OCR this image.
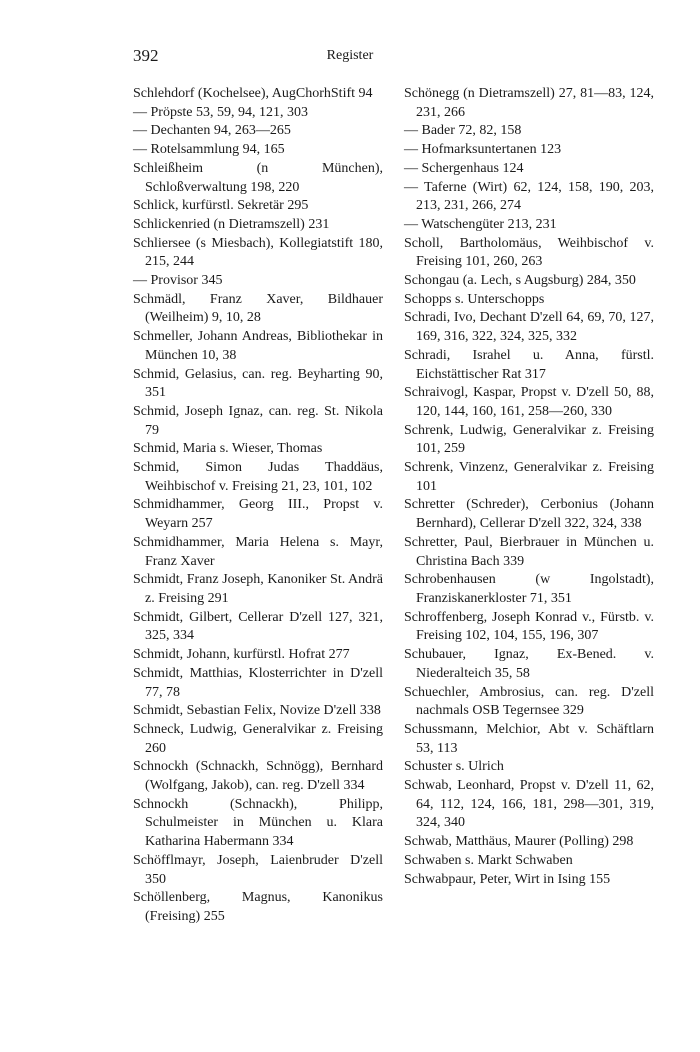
392	Register

Schlehdorf (Kochelsee), AugChorhStift 94

— Pröpste 53, 59, 94, 121, 303

— Dechanten 94, 263—265

— Rotelsammlung 94, 165

Schleißheim (n München), Schloßverwaltung 198, 220

Schlick, kurfürstl. Sekretär 295

Schlickenried (n Dietramszell) 231

Schliersee (s Miesbach), Kollegiatstift 180, 215, 244

— Provisor 345

Schmädl, Franz Xaver, Bildhauer (Weilheim) 9, 10, 28

Schmeller, Johann Andreas, Bibliothekar in München 10, 38

Schmid, Gelasius, can. reg. Beyharting 90, 351

Schmid, Joseph Ignaz, can. reg. St. Nikola 79

Schmid, Maria s. Wieser, Thomas

Schmid, Simon Judas Thaddäus, Weihbischof v. Freising 21, 23, 101, 102

Schmidhammer, Georg III., Propst v. Weyarn 257

Schmidhammer, Maria Helena s. Mayr, Franz Xaver

Schmidt, Franz Joseph, Kanoniker St. Andrä z. Freising 291

Schmidt, Gilbert, Cellerar D'zell 127, 321, 325, 334

Schmidt, Johann, kurfürstl. Hofrat 277

Schmidt, Matthias, Klosterrichter in D'zell 77, 78

Schmidt, Sebastian Felix, Novize D'zell 338

Schneck, Ludwig, Generalvikar z. Freising 260

Schnockh (Schnackh, Schnögg), Bernhard (Wolfgang, Jakob), can. reg. D'zell 334

Schnockh (Schnackh), Philipp, Schulmeister in München u. Klara Katharina Habermann 334

Schöfflmayr, Joseph, Laienbruder D'zell 350

Schöllenberg, Magnus, Kanonikus (Freising) 255

Schönegg (n Dietramszell) 27, 81—83, 124, 231, 266

— Bader 72, 82, 158

— Hofmarksuntertanen 123

— Schergenhaus 124

— Taferne (Wirt) 62, 124, 158, 190, 203, 213, 231, 266, 274

— Watschengüter 213, 231

Scholl, Bartholomäus, Weihbischof v. Freising 101, 260, 263

Schongau (a. Lech, s Augsburg) 284, 350

Schopps s. Unterschopps

Schradi, Ivo, Dechant D'zell 64, 69, 70, 127, 169, 316, 322, 324, 325, 332

Schradi, Israhel u. Anna, fürstl. Eichstättischer Rat 317

Schraivogl, Kaspar, Propst v. D'zell 50, 88, 120, 144, 160, 161, 258—260, 330

Schrenk, Ludwig, Generalvikar z. Freising 101, 259

Schrenk, Vinzenz, Generalvikar z. Freising 101

Schretter (Schreder), Cerbonius (Johann Bernhard), Cellerar D'zell 322, 324, 338

Schretter, Paul, Bierbrauer in München u. Christina Bach 339

Schrobenhausen (w Ingolstadt), Franziskanerkloster 71, 351

Schroffenberg, Joseph Konrad v., Fürstb. v. Freising 102, 104, 155, 196, 307

Schubauer, Ignaz, Ex-Bened. v. Niederalteich 35, 58

Schuechler, Ambrosius, can. reg. D'zell nachmals OSB Tegernsee 329

Schussmann, Melchior, Abt v. Schäftlarn 53, 113

Schuster s. Ulrich

Schwab, Leonhard, Propst v. D'zell 11, 62, 64, 112, 124, 166, 181, 298—301, 319, 324, 340

Schwab, Matthäus, Maurer (Polling) 298

Schwaben s. Markt Schwaben

Schwabpaur, Peter, Wirt in Ising 155
